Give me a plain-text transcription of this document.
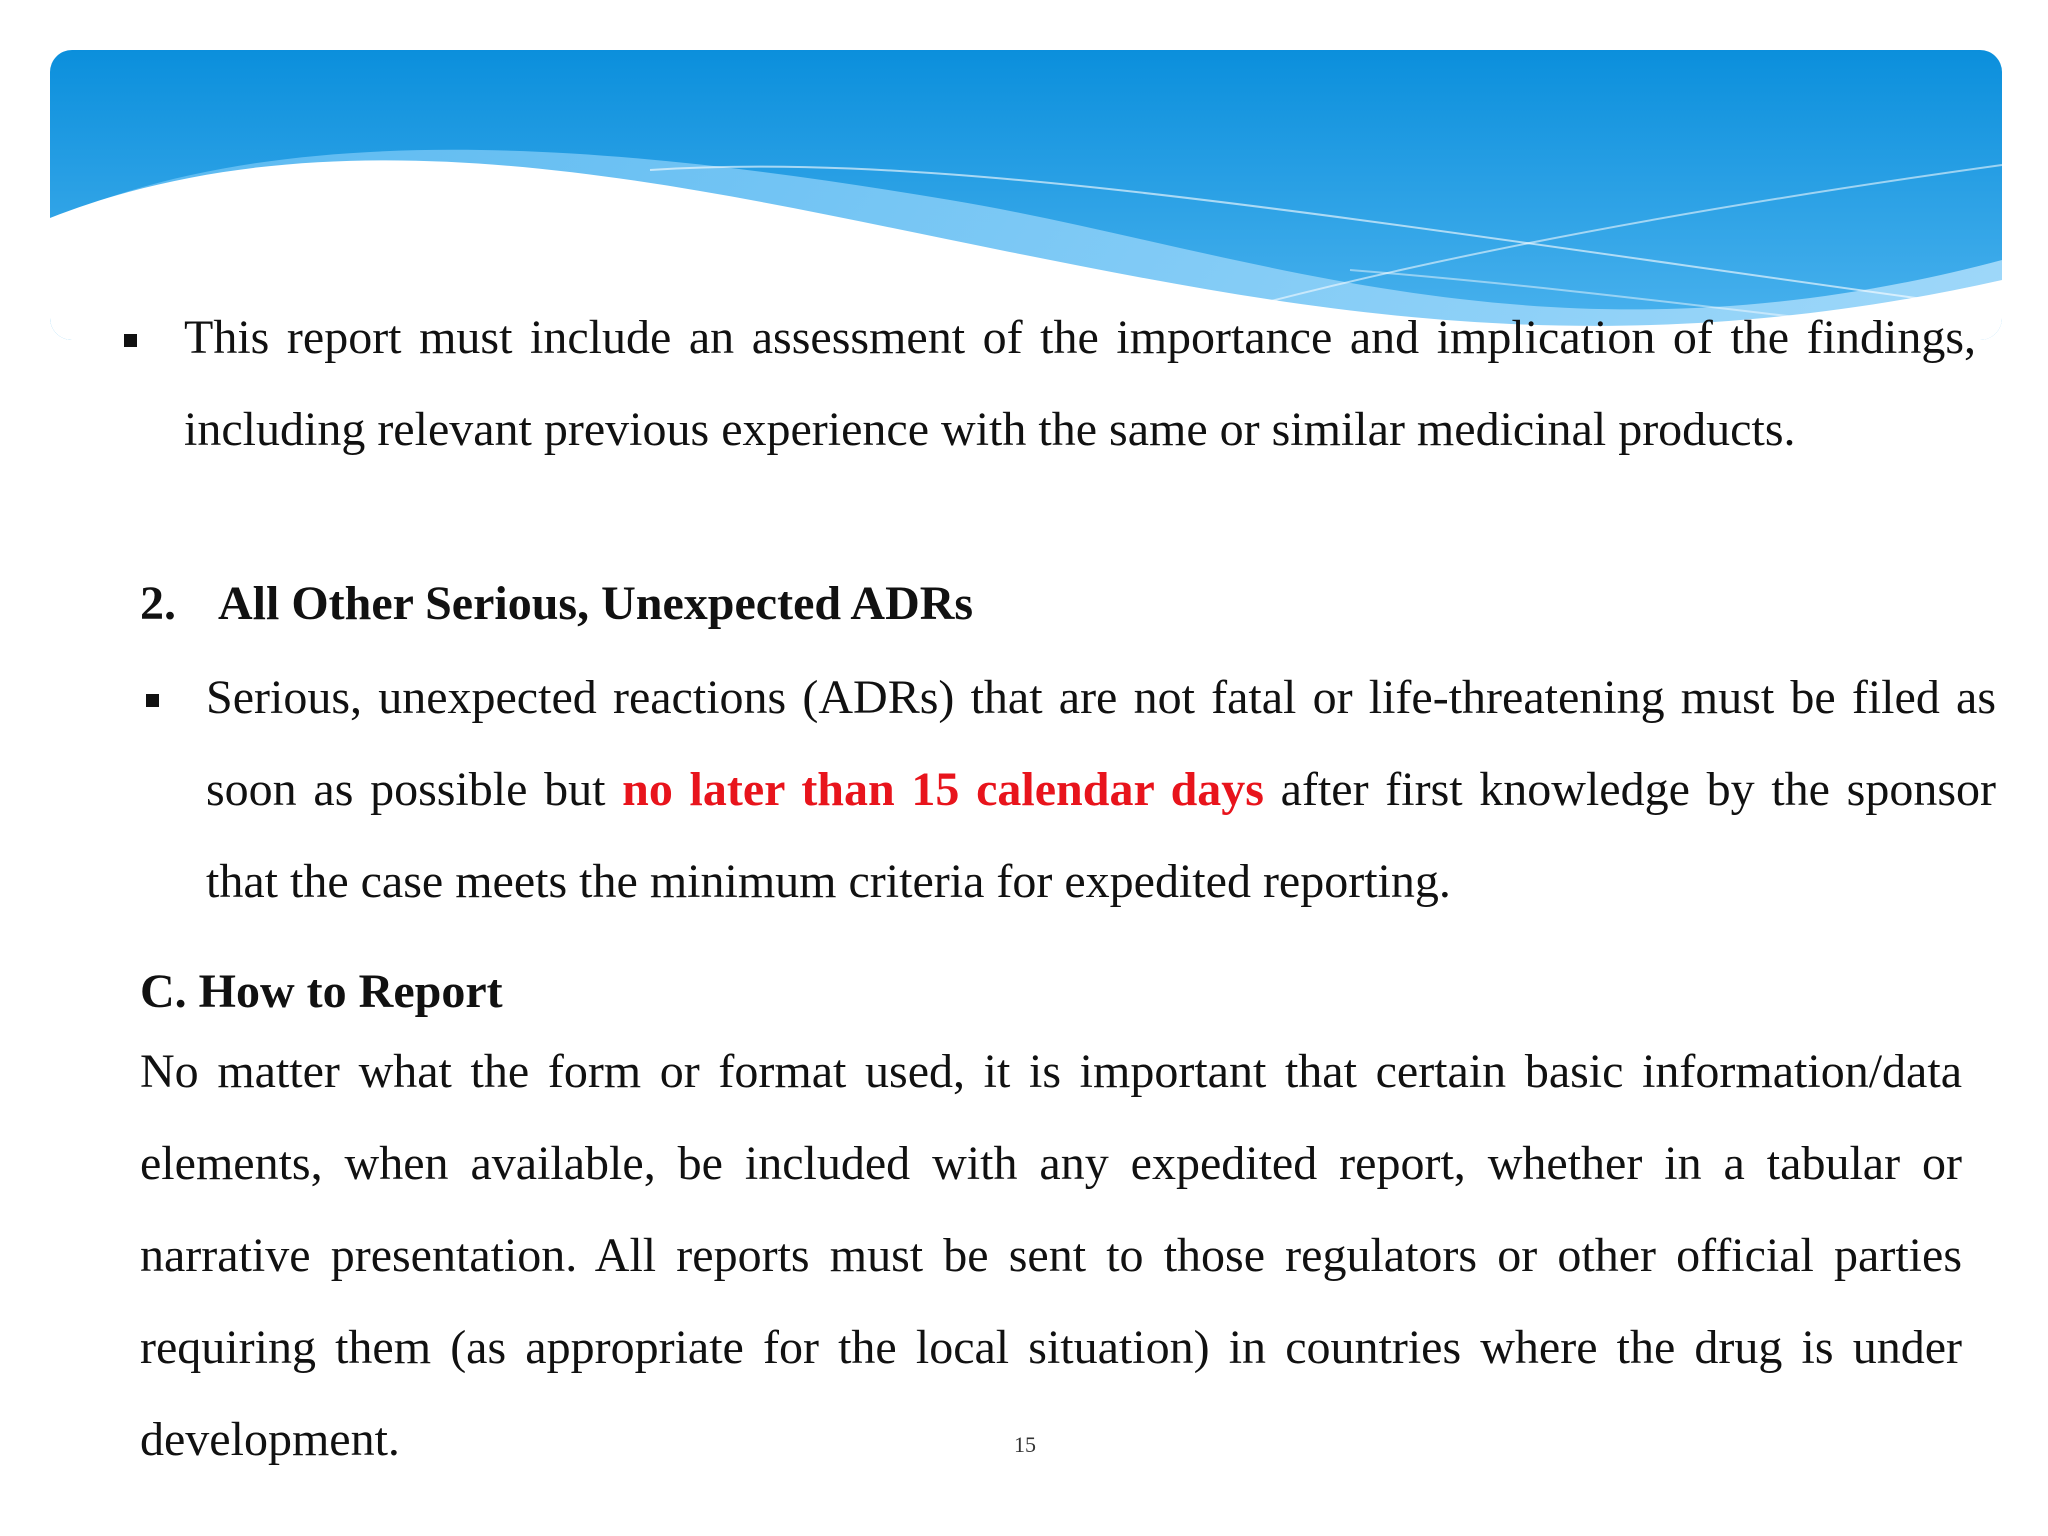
This report must include an assessment of the importance and implication of the findings, including relevant previous experience with the same or similar medicinal products.

2. All Other Serious, Unexpected ADRs

Serious, unexpected reactions (ADRs) that are not fatal or life-threatening must be filed as soon as possible but no later than 15 calendar days after first knowledge by the sponsor that the case meets the minimum criteria for expedited reporting.

C. How to Report

No matter what the form or format used, it is important that certain basic information/data elements, when available, be included with any expedited report, whether in a tabular or narrative presentation. All reports must be sent to those regulators or other official parties requiring them (as appropriate for the local situation) in countries where the drug is under development.	15
